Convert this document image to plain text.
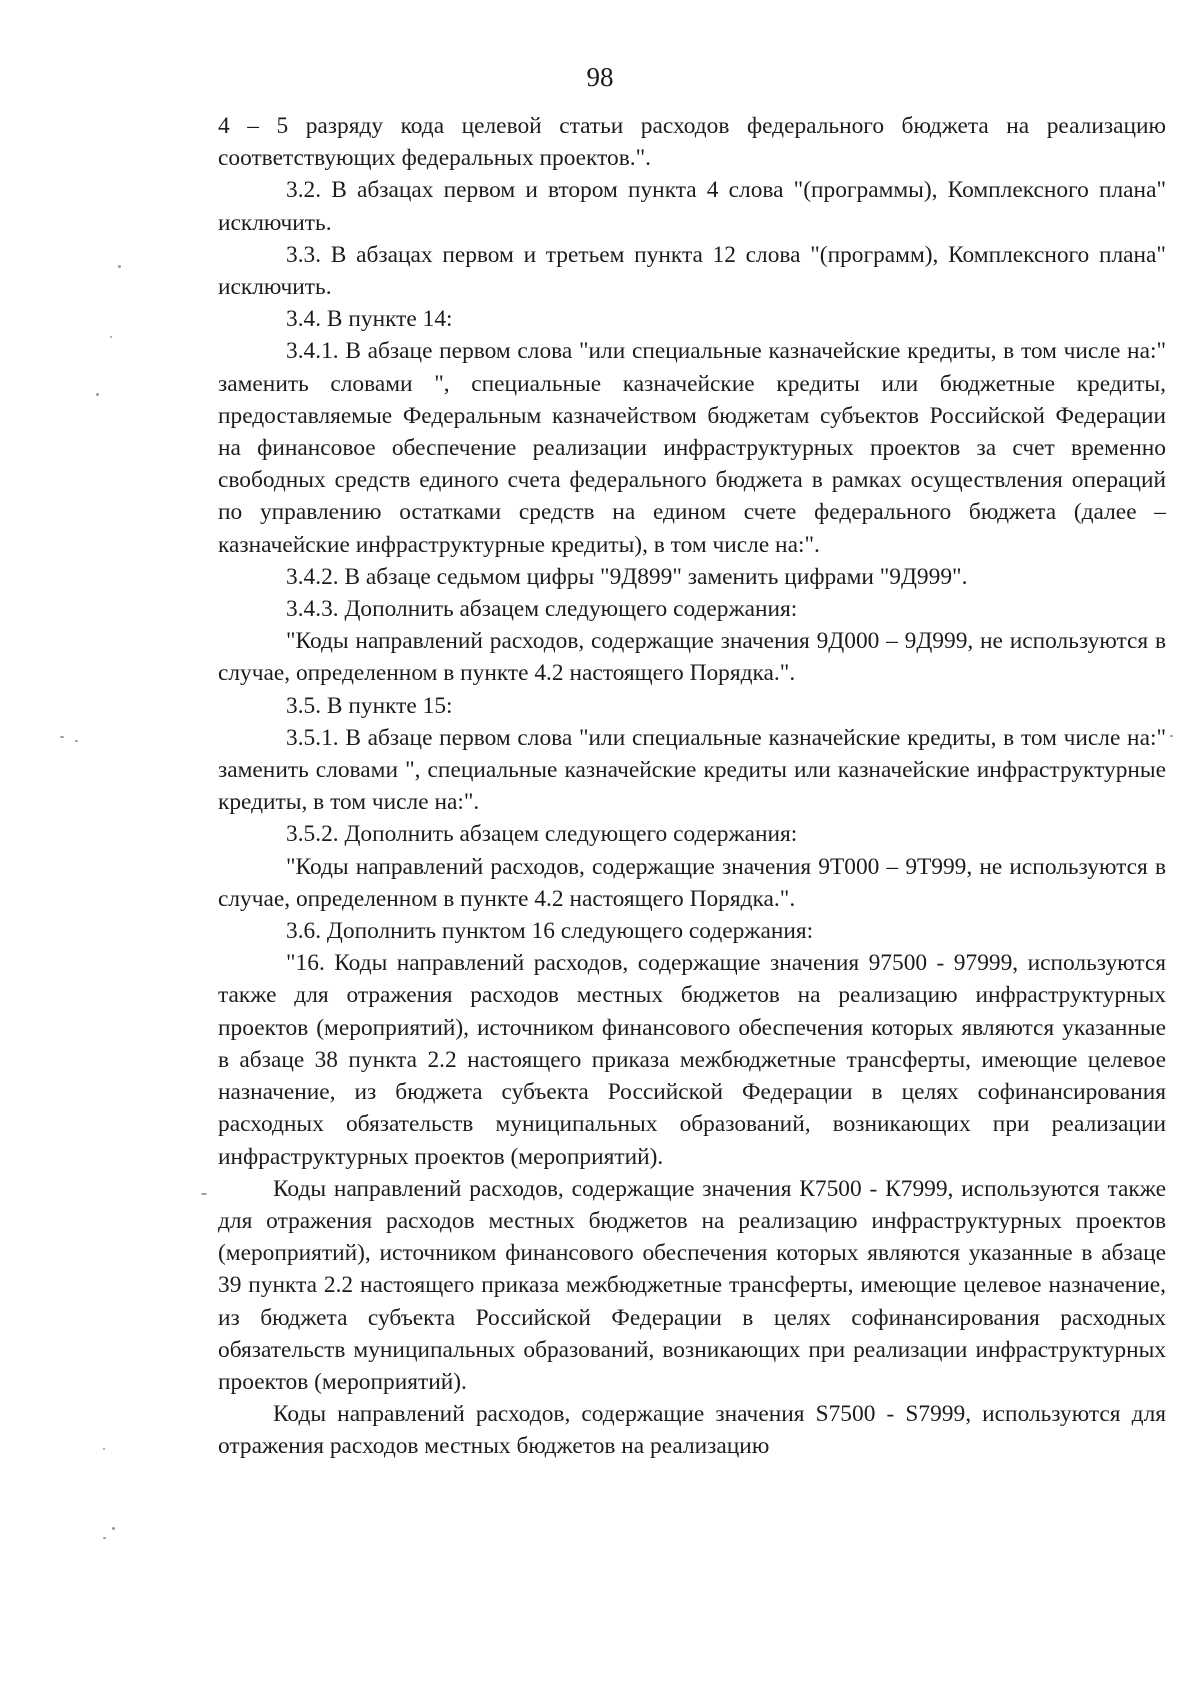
98

4 – 5 разряду кода целевой статьи расходов федерального бюджета на реализацию соответствующих федеральных проектов.".

3.2. В абзацах первом и втором пункта 4 слова "(программы), Комплексного плана" исключить.

3.3. В абзацах первом и третьем пункта 12 слова "(программ), Комплексного плана" исключить.

3.4. В пункте 14:

3.4.1. В абзаце первом слова "или специальные казначейские кредиты, в том числе на:" заменить словами ", специальные казначейские кредиты или бюджетные кредиты, предоставляемые Федеральным казначейством бюджетам субъектов Российской Федерации на финансовое обеспечение реализации инфраструктурных проектов за счет временно свободных средств единого счета федерального бюджета в рамках осуществления операций по управлению остатками средств на едином счете федерального бюджета (далее – казначейские инфраструктурные кредиты), в том числе на:".

3.4.2. В абзаце седьмом цифры "9Д899" заменить цифрами "9Д999".

3.4.3. Дополнить абзацем следующего содержания:

"Коды направлений расходов, содержащие значения 9Д000 – 9Д999, не используются в случае, определенном в пункте 4.2 настоящего Порядка.".

3.5. В пункте 15:

3.5.1. В абзаце первом слова "или специальные казначейские кредиты, в том числе на:" заменить словами ", специальные казначейские кредиты или казначейские инфраструктурные кредиты, в том числе на:".

3.5.2. Дополнить абзацем следующего содержания:

"Коды направлений расходов, содержащие значения 9Т000 – 9Т999, не используются в случае, определенном в пункте 4.2 настоящего Порядка.".

3.6. Дополнить пунктом 16 следующего содержания:

"16. Коды направлений расходов, содержащие значения 97500 - 97999, используются также для отражения расходов местных бюджетов на реализацию инфраструктурных проектов (мероприятий), источником финансового обеспечения которых являются указанные в абзаце 38 пункта 2.2 настоящего приказа межбюджетные трансферты, имеющие целевое назначение, из бюджета субъекта Российской Федерации в целях софинансирования расходных обязательств муниципальных образований, возникающих при реализации инфраструктурных проектов (мероприятий).

Коды направлений расходов, содержащие значения К7500 - К7999, используются также для отражения расходов местных бюджетов на реализацию инфраструктурных проектов (мероприятий), источником финансового обеспечения которых являются указанные в абзаце 39 пункта 2.2 настоящего приказа межбюджетные трансферты, имеющие целевое назначение, из бюджета субъекта Российской Федерации в целях софинансирования расходных обязательств муниципальных образований, возникающих при реализации инфраструктурных проектов (мероприятий).

Коды направлений расходов, содержащие значения S7500 - S7999, используются для отражения расходов местных бюджетов на реализацию
